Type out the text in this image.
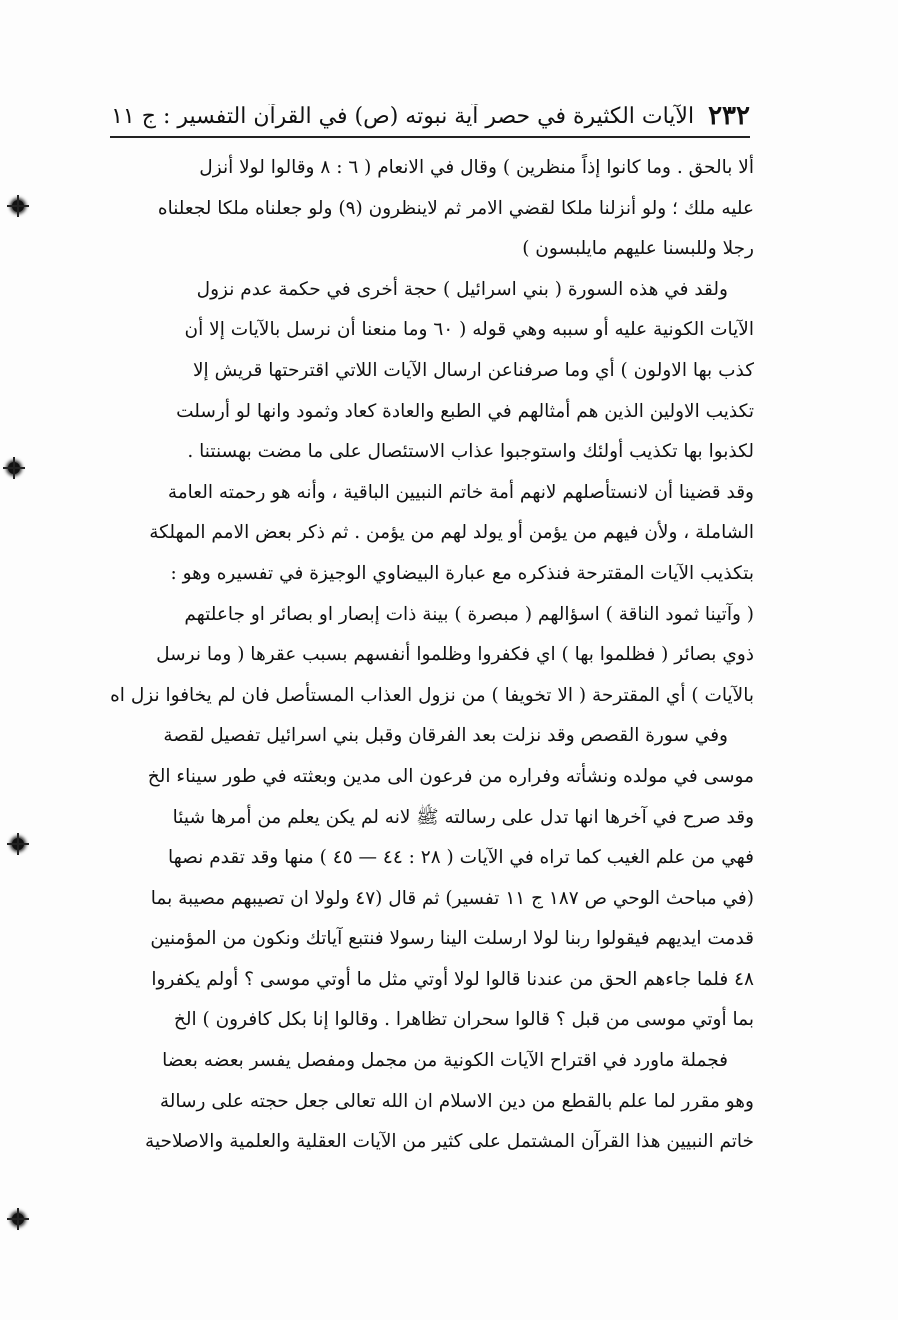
٢٣٢
الآيات الكثيرة في حصر آية نبوته (ص) في القرآن التفسير : ج ١١
ألا بالحق . وما كانوا إذاً منظرين ) وقال في الانعام ( ٦ : ٨ وقالوا لولا أنزل
عليه ملك ؛ ولو أنزلنا ملكا لقضي الامر ثم لاينظرون (٩) ولو جعلناه ملكا لجعلناه
رجلا وللبسنا عليهم مايلبسون )
ولقد في هذه السورة ( بني اسرائيل ) حجة أخرى في حكمة عدم نزول
الآيات الكونية عليه أو سببه وهي قوله ( ٦٠ وما منعنا أن نرسل بالآيات إلا أن
كذب بها الاولون ) أي وما صرفناعن ارسال الآيات اللاتي اقترحتها قريش إلا
تكذيب الاولين الذين هم أمثالهم في الطبع والعادة كعاد وثمود وانها لو أرسلت
لكذبوا بها تكذيب أولئك واستوجبوا عذاب الاستئصال على ما مضت بهسنتنا .
وقد قضينا أن لانستأصلهم لانهم أمة خاتم النبيين الباقية ، وأنه هو رحمته العامة
الشاملة ، ولأن فيهم من يؤمن أو يولد لهم من يؤمن . ثم ذكر بعض الامم المهلكة
بتكذيب الآيات المقترحة فنذكره مع عبارة البيضاوي الوجيزة في تفسيره وهو :
( وآتينا ثمود الناقة ) اسؤالهم ( مبصرة ) بينة ذات إبصار او بصائر او جاعلتهم
ذوي بصائر ( فظلموا بها ) اي فكفروا وظلموا أنفسهم بسبب عقرها ( وما نرسل
بالآيات ) أي المقترحة ( الا تخويفا ) من نزول العذاب المستأصل فان لم يخافوا نزل اه
وفي سورة القصص وقد نزلت بعد الفرقان وقبل بني اسرائيل تفصيل لقصة
موسى في مولده ونشأته وفراره من فرعون الى مدين وبعثته في طور سيناء الخ
وقد صرح في آخرها انها تدل على رسالته ﷺ لانه لم يكن يعلم من أمرها شيئا
فهي من علم الغيب كما تراه في الآيات ( ٢٨ : ٤٤ — ٤٥ ) منها وقد تقدم نصها
(في مباحث الوحي ص ١٨٧ ج ١١ تفسير) ثم قال (٤٧ ولولا ان تصيبهم مصيبة بما
قدمت ايديهم فيقولوا ربنا لولا ارسلت الينا رسولا فنتبع آياتك ونكون من المؤمنين
٤٨ فلما جاءهم الحق من عندنا قالوا لولا أوتي مثل ما أوتي موسى ؟ أولم يكفروا
بما أوتي موسى من قبل ؟ قالوا سحران تظاهرا . وقالوا إنا بكل كافرون ) الخ
فجملة ماورد في اقتراح الآيات الكونية من مجمل ومفصل يفسر بعضه بعضا
وهو مقرر لما علم بالقطع من دين الاسلام ان الله تعالى جعل حجته على رسالة
خاتم النبيين هذا القرآن المشتمل على كثير من الآيات العقلية والعلمية والاصلاحية
